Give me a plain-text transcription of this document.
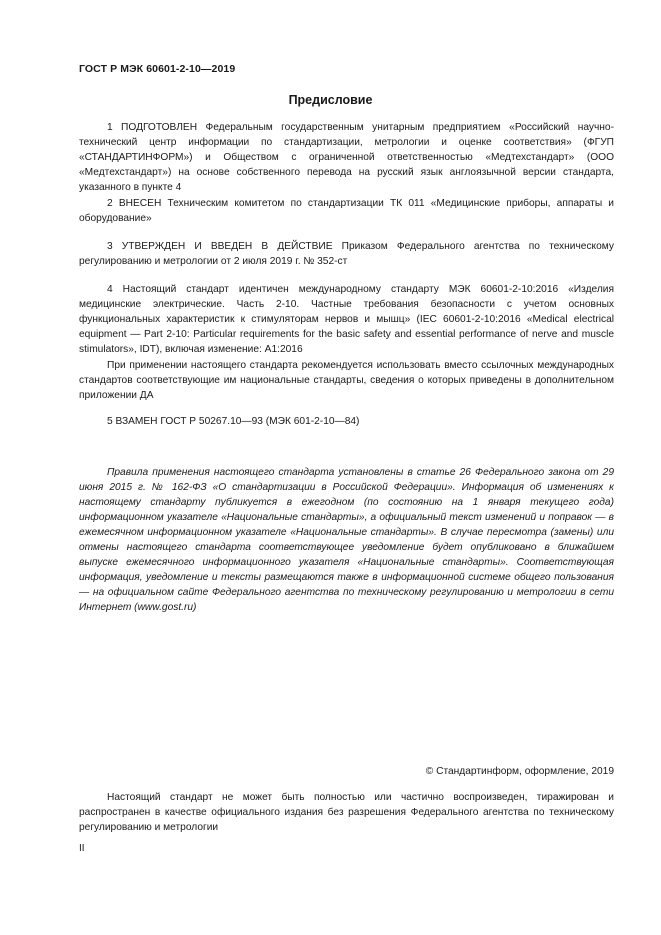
ГОСТ Р МЭК 60601-2-10—2019
Предисловие

1 ПОДГОТОВЛЕН Федеральным государственным унитарным предприятием «Российский научно-технический центр информации по стандартизации, метрологии и оценке соответствия» (ФГУП «СТАНДАРТИНФОРМ») и Обществом с ограниченной ответственностью «Медтехстандарт» (ООО «Медтехстандарт») на основе собственного перевода на русский язык англоязычной версии стандарта, указанного в пункте 4

2 ВНЕСЕН Техническим комитетом по стандартизации ТК 011 «Медицинские приборы, аппараты и оборудование»

3 УТВЕРЖДЕН И ВВЕДЕН В ДЕЙСТВИЕ Приказом Федерального агентства по техническому регулированию и метрологии от 2 июля 2019 г. № 352-ст

4 Настоящий стандарт идентичен международному стандарту МЭК 60601-2-10:2016 «Изделия медицинские электрические. Часть 2-10. Частные требования безопасности с учетом основных функциональных характеристик к стимуляторам нервов и мышц» (IEC 60601-2-10:2016 «Medical electrical equipment — Part 2-10: Particular requirements for the basic safety and essential performance of nerve and muscle stimulators», IDT), включая изменение: А1:2016

При применении настоящего стандарта рекомендуется использовать вместо ссылочных международных стандартов соответствующие им национальные стандарты, сведения о которых приведены в дополнительном приложении ДА

5 ВЗАМЕН ГОСТ Р 50267.10—93 (МЭК 601-2-10—84)

Правила применения настоящего стандарта установлены в статье 26 Федерального закона от 29 июня 2015 г. № 162-ФЗ «О стандартизации в Российской Федерации». Информация об изменениях к настоящему стандарту публикуется в ежегодном (по состоянию на 1 января текущего года) информационном указателе «Национальные стандарты», а официальный текст изменений и поправок — в ежемесячном информационном указателе «Национальные стандарты». В случае пересмотра (замены) или отмены настоящего стандарта соответствующее уведомление будет опубликовано в ближайшем выпуске ежемесячного информационного указателя «Национальные стандарты». Соответствующая информация, уведомление и тексты размещаются также в информационной системе общего пользования — на официальном сайте Федерального агентства по техническому регулированию и метрологии в сети Интернет (www.gost.ru)

© Стандартинформ, оформление, 2019

Настоящий стандарт не может быть полностью или частично воспроизведен, тиражирован и распространен в качестве официального издания без разрешения Федерального агентства по техническому регулированию и метрологии

II
